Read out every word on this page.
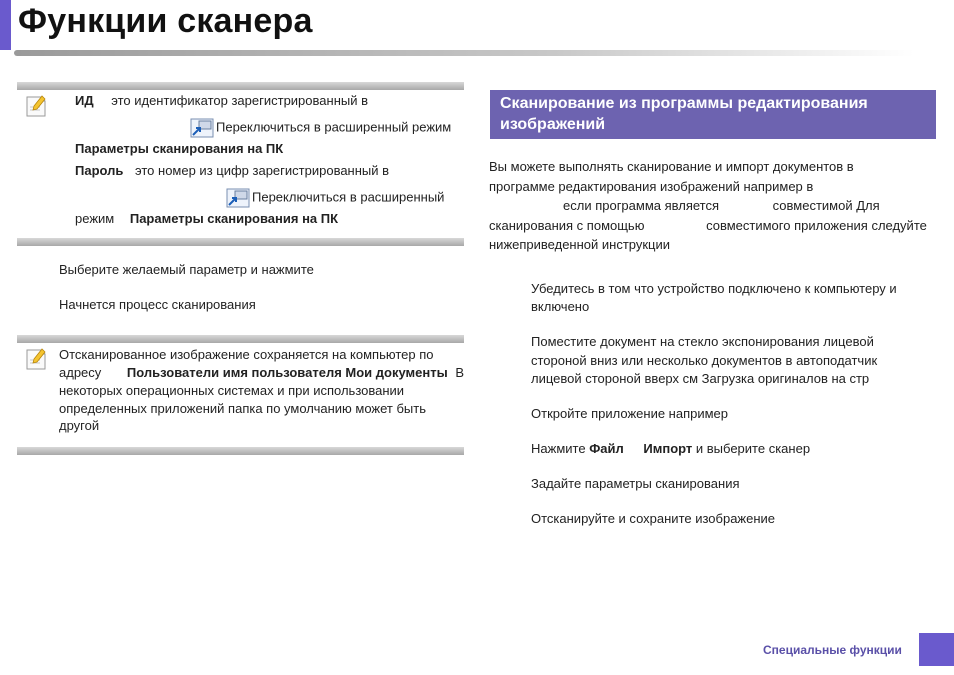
Функции сканера

ИД это идентификатор зарегистрированный в

Переключиться в расширенный режим

Параметры сканирования на ПК

Пароль это номер из цифр зарегистрированный в

Переключиться в расширенный

режим Параметры сканирования на ПК

Выберите желаемый параметр и нажмите

Начнется процесс сканирования

Отсканированное изображение сохраняется на компьютер по

адресу Пользователи имя пользователя Мои документы В

некоторых операционных системах и при использовании

определенных приложений папка по умолчанию может быть

другой

Сканирование из программы редактирования изображений

Вы можете выполнять сканирование и импорт документов в

программе редактирования изображений например в

если программа является	совместимой Для

сканирования с помощью	совместимого приложения следуйте

нижеприведенной инструкции

Убедитесь в том что устройство подключено к компьютеру и

включено

Поместите документ на стекло экспонирования лицевой

стороной вниз или несколько документов в автоподатчик

лицевой стороной вверх см Загрузка оригиналов на стр

Откройте приложение например

Нажмите Файл Импорт и выберите сканер

Задайте параметры сканирования

Отсканируйте и сохраните изображение

Специальные функции
